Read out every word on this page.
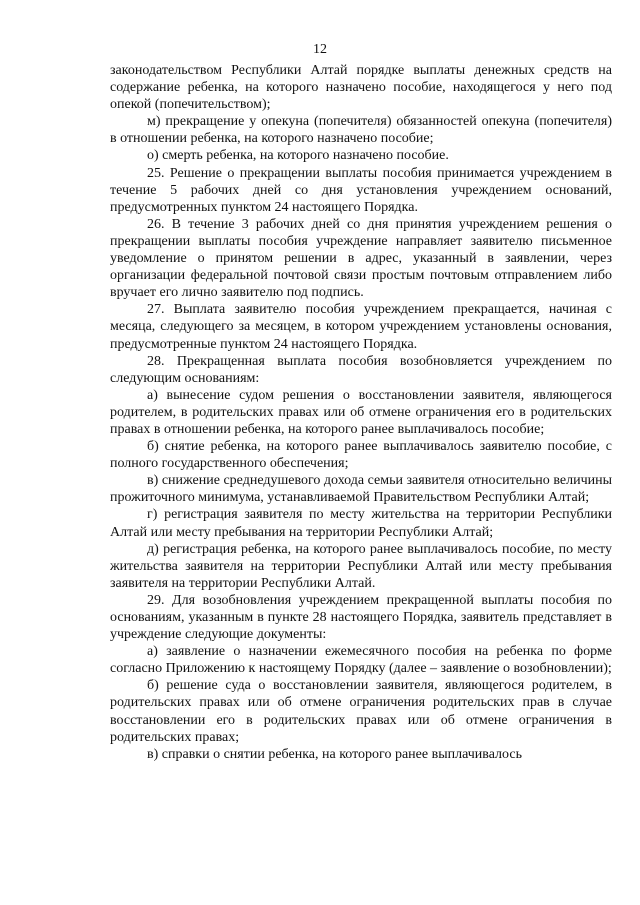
12

законодательством Республики Алтай порядке выплаты денежных средств на содержание ребенка, на которого назначено пособие, находящегося у него под опекой (попечительством);

м) прекращение у опекуна (попечителя) обязанностей опекуна (попечителя) в отношении ребенка, на которого назначено пособие;

о) смерть ребенка, на которого назначено пособие.

25. Решение о прекращении выплаты пособия принимается учреждением в течение 5 рабочих дней со дня установления учреждением оснований, предусмотренных пунктом 24 настоящего Порядка.

26. В течение 3 рабочих дней со дня принятия учреждением решения о прекращении выплаты пособия учреждение направляет заявителю письменное уведомление о принятом решении в адрес, указанный в заявлении, через организации федеральной почтовой связи простым почтовым отправлением либо вручает его лично заявителю под подпись.

27. Выплата заявителю пособия учреждением прекращается, начиная с месяца, следующего за месяцем, в котором учреждением установлены основания, предусмотренные пунктом 24 настоящего Порядка.

28. Прекращенная выплата пособия возобновляется учреждением по следующим основаниям:

а) вынесение судом решения о восстановлении заявителя, являющегося родителем, в родительских правах или об отмене ограничения его в родительских правах в отношении ребенка, на которого ранее выплачивалось пособие;

б) снятие ребенка, на которого ранее выплачивалось заявителю пособие, с полного государственного обеспечения;

в) снижение среднедушевого дохода семьи заявителя относительно величины прожиточного минимума, устанавливаемой Правительством Республики Алтай;

г) регистрация заявителя по месту жительства на территории Республики Алтай или месту пребывания на территории Республики Алтай;

д) регистрация ребенка, на которого ранее выплачивалось пособие, по месту жительства заявителя на территории Республики Алтай или месту пребывания заявителя на территории Республики Алтай.

29. Для возобновления учреждением прекращенной выплаты пособия по основаниям, указанным в пункте 28 настоящего Порядка, заявитель представляет в учреждение следующие документы:

а) заявление о назначении ежемесячного пособия на ребенка по форме согласно Приложению к настоящему Порядку (далее – заявление о возобновлении);

б) решение суда о восстановлении заявителя, являющегося родителем, в родительских правах или об отмене ограничения родительских прав в случае восстановлении его в родительских правах или об отмене ограничения в родительских правах;

в) справки о снятии ребенка, на которого ранее выплачивалось
